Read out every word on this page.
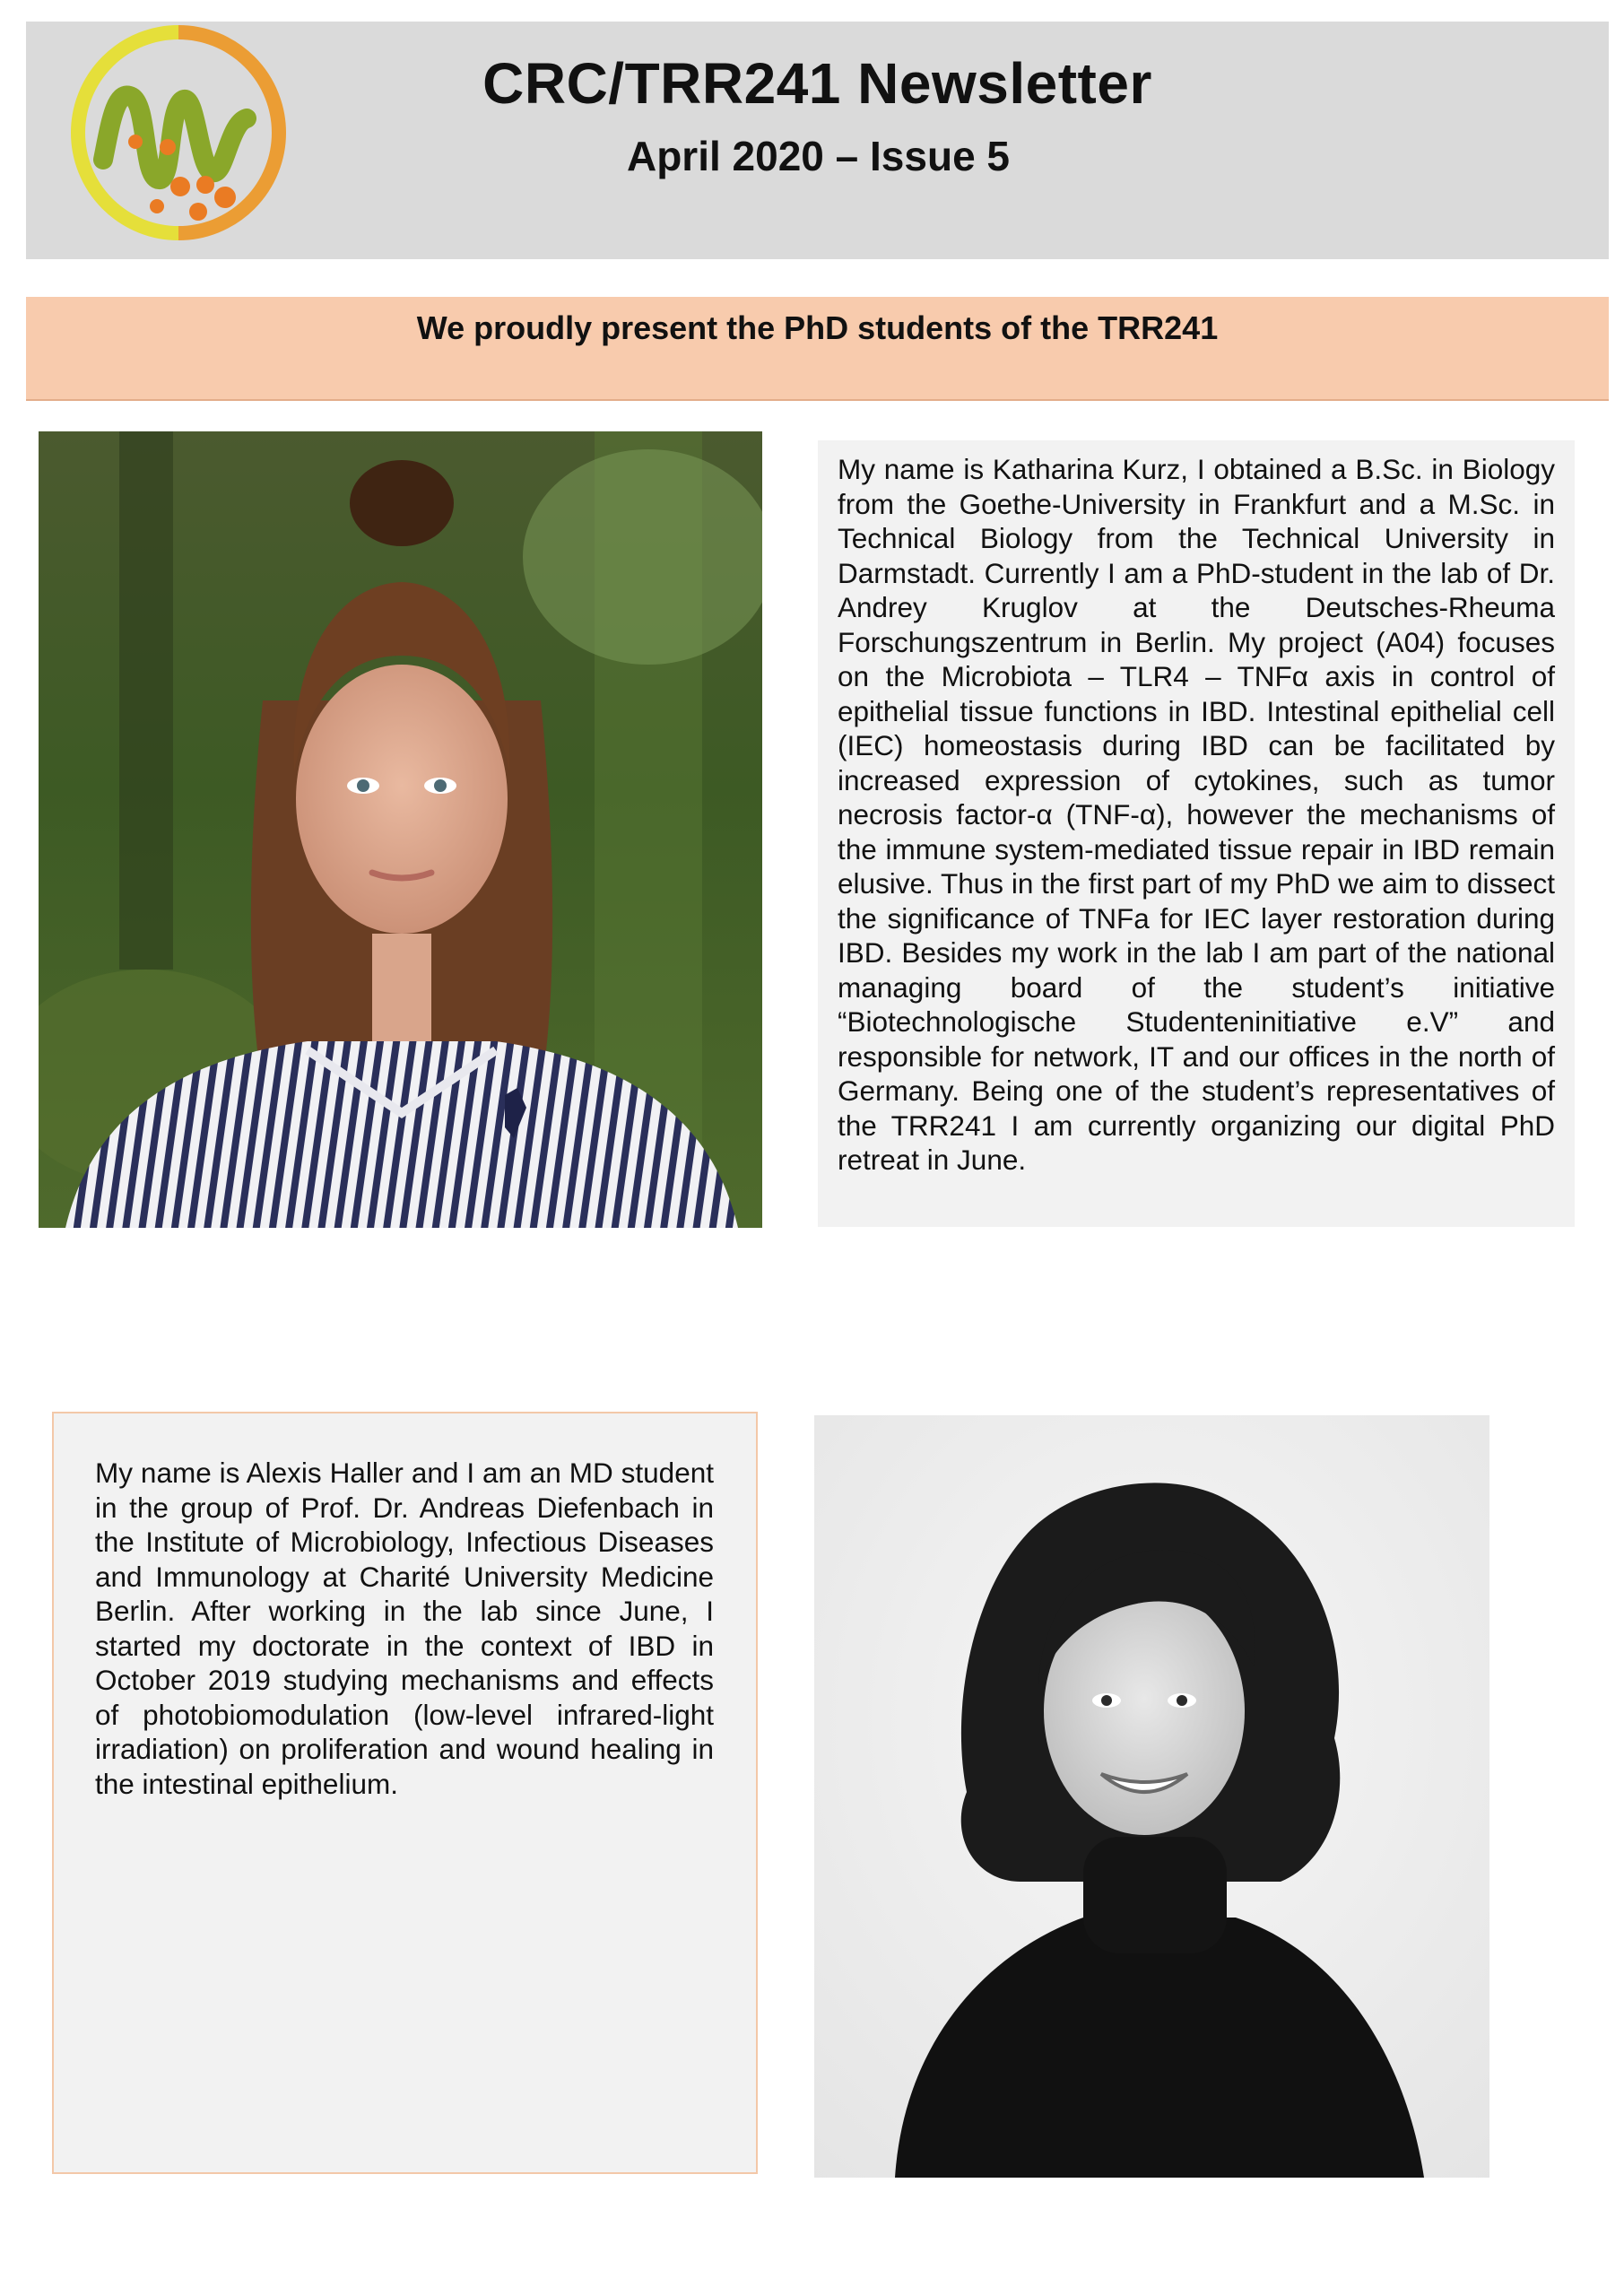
CRC/TRR241 Newsletter
April 2020 – Issue 5
We proudly present the PhD students of the TRR241

My name is Katharina Kurz, I obtained a B.Sc. in Biology from the Goethe-University in Frankfurt and a M.Sc. in Technical Biology from the Technical University in Darmstadt. Currently I am a PhD-student in the lab of Dr. Andrey Kruglov at the Deutsches-Rheuma Forschungszentrum in Berlin. My project (A04) focuses on the Microbiota – TLR4 – TNFα axis in control of epithelial tissue functions in IBD. Intestinal epithelial cell (IEC) homeostasis during IBD can be facilitated by increased expression of cytokines, such as tumor necrosis factor-α (TNF-α), however the mechanisms of the immune system-mediated tissue repair in IBD remain elusive. Thus in the first part of my PhD we aim to dissect the significance of TNFa for IEC layer restoration during IBD. Besides my work in the lab I am part of the national managing board of the student’s initiative “Biotechnologische Studenteninitiative e.V” and responsible for network, IT and our offices in the north of Germany. Being one of the student’s representatives of the TRR241 I am currently organizing our digital PhD retreat in June.

My name is Alexis Haller and I am an MD student in the group of Prof. Dr. Andreas Diefenbach in the Institute of Microbiology, Infectious Diseases and Immunology at Charité University Medicine Berlin. After working in the lab since June, I started my doctorate in the context of IBD in October 2019 studying mechanisms and effects of photobiomodulation (low-level infrared-light irradiation) on proliferation and wound healing in the intestinal epithelium.
